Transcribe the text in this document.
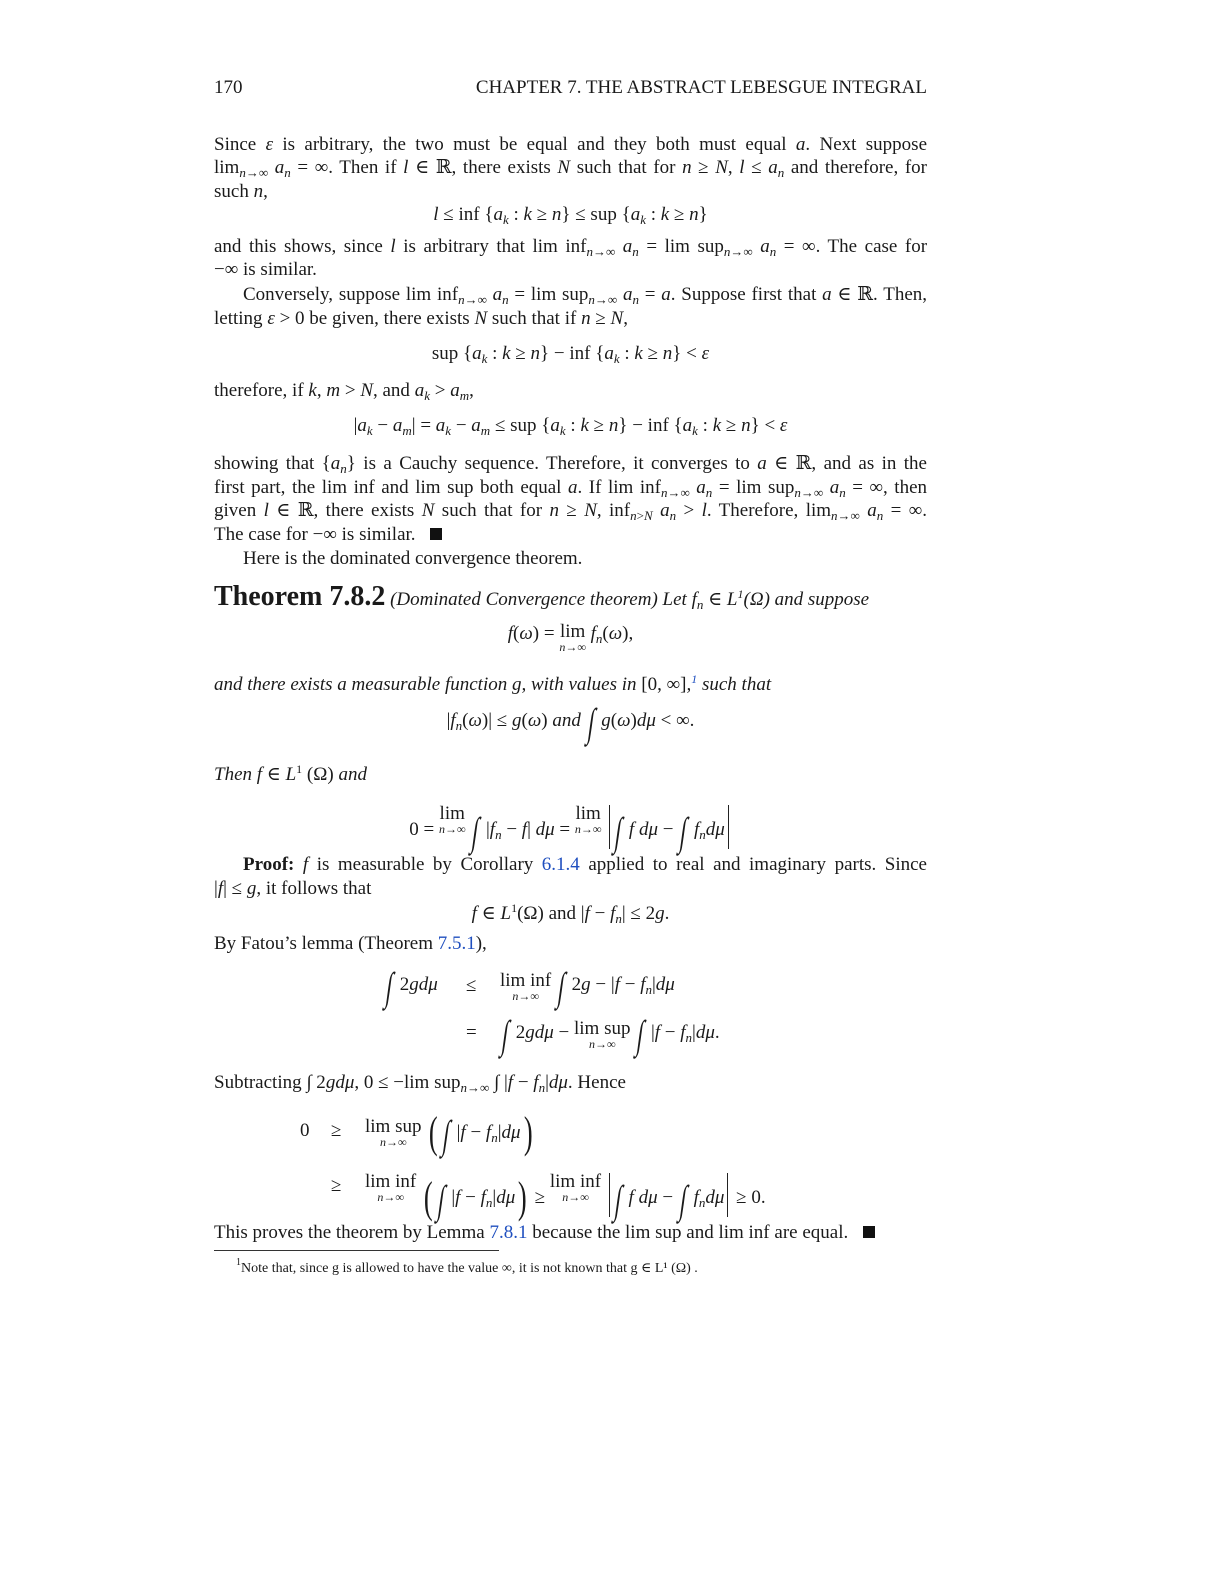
170	CHAPTER 7. THE ABSTRACT LEBESGUE INTEGRAL
Since ε is arbitrary, the two must be equal and they both must equal a. Next suppose
$\lim_{n\to\infty} a_n$ = ∞. Then if l ∈ ℝ, there exists N such that for n ≥ N, $l \le a_n$ and therefore, for
such n,
l ≤ inf {$a_k$ : k ≥ n} ≤ sup {$a_k$ : k ≥ n}
and this shows, since l is arbitrary that lim inf$_{n\to\infty}$ $a_n = \lim sup_{n\to\infty}$ $a_n$ = ∞. The case for
−∞ is similar.
Conversely, suppose lim inf$_{n\to\infty}$ $a_n = \lim sup_{n\to\infty}$ $a_n = a$. Suppose first that a ∈ ℝ. Then,
letting ε > 0 be given, there exists N such that if n ≥ N,
sup {$a_k$ : k ≥ n} − inf {$a_k$ : k ≥ n} < ε
therefore, if k, m > N, and $a_k > a_m$,
$|a_k - a_m| = a_k - a_m$ ≤ sup {$a_k$ : k ≥ n} − inf {$a_k$ : k ≥ n} < ε
showing that $\{a_n\}$ is a Cauchy sequence. Therefore, it converges to a ∈ ℝ, and as in the
first part, the lim inf and lim sup both equal a. If lim inf$_{n\to\infty}$ $a_n = \lim sup_{n\to\infty}$ $a_n$ = ∞, then
given l ∈ ℝ, there exists N such that for n ≥ N, inf$_{n>N}$ $a_n > l$. Therefore, $\lim_{n\to\infty} a_n$ = ∞.
The case for −∞ is similar.
Here is the dominated convergence theorem.
Theorem 7.8.2 (Dominated Convergence theorem) Let $f_n$ ∈ $L^1(\Omega)$ and suppose
f(ω) = lim
n→∞
$f_n(\omega)$,
and there exists a measurable function g, with values in [0, ∞],$^1$ such that
$|f_n(\omega)| \le g(\omega)$ and ∫ g(ω)dμ < ∞.
Then f ∈ $L^1$ (Ω) and
0 = lim
n→∞ ∫ $|f_n - f|$ dμ = lim
n→∞ ∫ f dμ − ∫ $f_nd\mu$
Proof: f is measurable by Corollary 6.1.4 applied to real and imaginary parts. Since
|f| ≤ g, it follows that
f ∈ $L^1(\Omega)$ and $|f - f_n| \le 2g$.
By Fatou’s lemma (Theorem 7.5.1),
∫ 2gdμ ≤ lim inf
n→∞ ∫ $2g - |f - f_n|d\mu$
= ∫ 2gdμ − lim sup
n→∞ ∫ $|f - f_n|d\mu$.
Subtracting ∫ 2gdμ, 0 ≤ −lim sup$_{n\to\infty}$ ∫ $|f - f_n|d\mu$. Hence
0 ≥ lim sup
n→∞ (∫ $|f - f_n|d\mu$)
≥ lim inf
n→∞ (∫ $|f - f_n|d\mu) \ge \lim$ inf
n→∞ ∫ f dμ − ∫ $f_nd\mu \ge 0$.
This proves the theorem by Lemma 7.8.1 because the lim sup and lim inf are equal.
$^1$Note that, since g is allowed to have the value ∞, it is not known that g ∈ L¹ (Ω) .
